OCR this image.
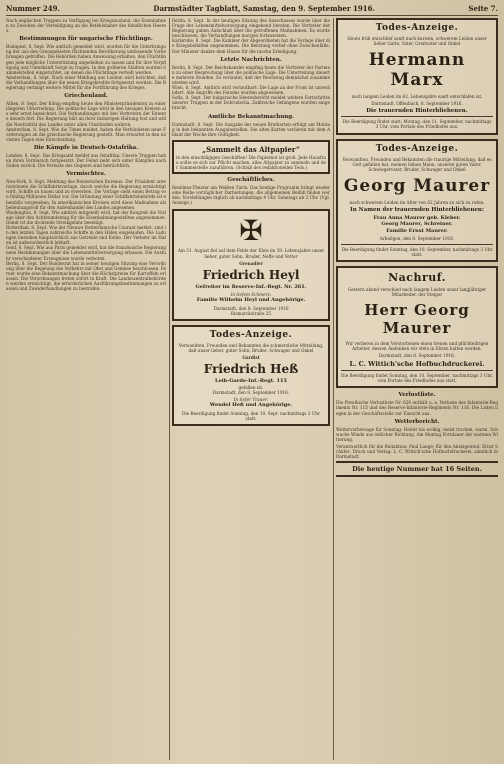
Nummer 249.	Darmstädter Tagblatt, Samstag, den 9. September 1916.	Seite 7.

Nach englischen Truppen zu Verfügung bei Kriegszustand, die Eisenbahnen zu Zwecken der Verteidigung an die Befehlshaber des feindlichen Heeres.

Bestimmungen für ungarische Flüchtlinge.

Budapest, 8. Sept. Wie amtlich gemeldet wird, wurden für die Unterbringung der aus den Grenzgebieten flüchtenden Bevölkerung umfassende Vorkehrungen getroffen. Die Behörden haben Anweisung erhalten, den Flüchtlingen jede mögliche Unterstützung angedeihen zu lassen und für ihre Verpflegung und Unterkunft Sorge zu tragen. In den größeren Städten wurden Sammelstellen eingerichtet, an denen die Flüchtlinge verteilt werden.

Amsterdam, 8. Sept. Nach einer Meldung aus London wird berichtet, daß die Verhandlungen über die neuen Kriegskredite fortgesetzt werden. Die Regierung verlangt weitere Mittel für die Fortführung des Krieges.

Griechenland.

Athen, 8. Sept. Der König empfing heute den Ministerpräsidenten zu einer längeren Unterredung. Die politische Lage wird in den hiesigen Kreisen als sehr ernst bezeichnet. Die Verhandlungen mit den Vertretern der Entente dauern fort. Die Regierung hält an ihrer bisherigen Haltung fest und will die Neutralität des Landes unter allen Umständen wahren.

Amsterdam, 8. Sept. Wie die Times meldet, haben die Verbündeten neue Forderungen an die griechische Regierung gestellt. Man erwartet in den nächsten Tagen eine Entscheidung.

Die Kämpfe in Deutsch-Ostafrika.

London, 8. Sept. Das Kriegsamt meldet aus Ostafrika: Unsere Truppen haben ihren Vormarsch fortgesetzt. Der Feind zieht sich unter Kämpfen nach Süden zurück. Die Verluste des Gegners sind beträchtlich.

Vermischtes.

New-York, 8. Sept. Meldung des Reuterschen Bureaus: Der Präsident unterzeichnete die Schiffahrtsvorlage, durch welche die Regierung ermächtigt wird, Schiffe zu bauen und zu erwerben. Die Vorlage sieht einen Betrag von fünfzig Millionen Dollar vor. Die Gründung einer Schiffahrtsbehörde ist ebenfalls vorgesehen. In amerikanischen Kreisen wird diese Maßnahme als bedeutungsvoll für den Außenhandel des Landes angesehen.

Washington, 8. Sept. Wie amtlich mitgeteilt wird, hat der Kongreß die Vorlage über den Achtstundentag für die Eisenbahnangestellten angenommen. Damit ist die drohende Streikgefahr beseitigt.

Rotterdam, 8. Sept. Wie der Nieuwe Rotterdamsche Courant meldet, sind in den letzten Tagen zahlreiche Schiffe in den Häfen eingelaufen. Die Ladungen bestehen hauptsächlich aus Getreide und Kohle. Der Verkehr im Hafen ist außerordentlich lebhaft.

Genf, 8. Sept. Wie aus Paris gemeldet wird, hat die französische Regierung neue Bestimmungen über die Lebensmittelversorgung erlassen. Die Ausfuhr verschiedener Erzeugnisse wurde verboten.

Berlin, 8. Sept. Der Bundesrat hat in seiner heutigen Sitzung eine Verordnung über die Regelung des Verkehrs mit Obst und Gemüse beschlossen. Ferner wurde eine Bekanntmachung über die Höchstpreise für Kartoffeln erlassen. Die Verordnungen treten sofort in Kraft. Die Landeszentralbehörden werden ermächtigt, die erforderlichen Ausführungsbestimmungen zu erlassen und Zuwiderhandlungen zu bestrafen.

Berlin, 8. Sept. In der heutigen Sitzung des Ausschusses wurde über die Frage der Lebensmittelversorgung eingehend beraten. Die Vertreter der Regierung gaben Aufschluß über die getroffenen Maßnahmen. Es wurde beschlossen, die Verhandlungen morgen fortzusetzen.

Karlsruhe, 8. Sept. Die Kammer der Abgeordneten hat die Vorlage über die Kriegsbeihilfen angenommen. Die Beratung verlief ohne Zwischenfälle. Der Minister dankte dem Hause für die rasche Erledigung.

Letzte Nachrichten.

Berlin, 8. Sept. Der Reichskanzler empfing heute die Vertreter der Parteien zu einer Besprechung über die politische Lage. Die Unterredung dauerte mehrere Stunden. Es verlautet, daß der Reichstag demnächst zusammentreten wird.

Wien, 8. Sept. Amtlich wird verlautbart: Die Lage an der Front ist unverändert. Alle Angriffe des Feindes wurden abgewiesen.

Sofia, 8. Sept. Der bulgarische Heeresbericht meldet weitere Fortschritte unserer Truppen in der Dobrudscha. Zahlreiche Gefangene wurden eingebracht.

Amtliche Bekanntmachung.

Darmstadt, 8. Sept. Die Ausgabe der neuen Brotkarten erfolgt am Montag in den bekannten Ausgabestellen. Die alten Karten verlieren mit dem Ablauf der Woche ihre Gültigkeit.

„Sammelt das Altpapier“

in den einschlägigen Geschäften! Die Papiernot ist groß. Jede Hausfrau sollte es sich zur Pflicht machen, alles Altpapier zu sammeln und der Sammelstelle zuzuführen. (Schluß des redaktionellen Teils.)

Geschäftliches.

Residenz-Theater am Weißen Turm. Das heutige Programm bringt wieder eine Reihe vorzüglicher Darbietungen, die allgemeinen Beifall finden werden. Vorstellungen täglich ab nachmittags 4 Uhr. Sonntags ab 3 Uhr. (Vgl. Anzeige.)

✠

Am 31. August fiel auf dem Felde der Ehre im 39. Lebensjahre unser lieber, guter Sohn, Bruder, Neffe und Vetter

Grenadier
Friedrich Heyl
Gefreiter im Reserve-Inf.-Regt. Nr. 261.
In tiefem Schmerz:
Familie Wilhelm Heyl und Angehörige.
Darmstadt, den 8. September 1916
Bismarckstraße 25
Todes-Anzeige.

Verwandten, Freunden und Bekannten die schmerzliche Mitteilung, daß unser lieber, guter Sohn, Bruder, Schwager und Onkel

Gardist
Friedrich Heß
Leib-Garde-Inf.-Regt. 115

gefallen ist.

Darmstadt, den 8. September 1916.
In tiefer Trauer:
Wendel Heß und Angehörige.

Die Beerdigung findet Sonntag, den 10. Sept. nachmittags 3 Uhr statt.

Todes-Anzeige.

Heute früh entschlief sanft nach kurzem, schwerem Leiden unser lieber Gatte, Vater, Großvater und Onkel

Hermann Marx

nach langem Leiden im 62. Lebensjahre sanft entschlafen ist.

Darmstadt, Offenbach, 8. September 1916.
Die trauernden Hinterbliebenen.

Die Beerdigung findet statt: Montag, den 11. September, nachmittags 3 Uhr, vom Portale des Friedhofes aus.

Todes-Anzeige.

Verwandten, Freunden und Bekannten die traurige Mitteilung, daß es Gott gefallen hat, meinen lieben Mann, unseren guten Vater, Schwiegervater, Bruder, Schwager und Onkel

Georg Maurer

nach schwerem Leiden im Alter von 62 Jahren zu sich zu rufen.

In Namen der trauernden Hinterbliebenen:
Frau Anna Maurer geb. Kleber.
Georg Maurer, Schreiner.
Familie Ernst Maurer.
Arheilgen, den 8. September 1916.

Die Beerdigung findet Sonntag, den 10. September, nachmittags 3 Uhr statt.

Nachruf.

Gestern abend verschied nach langem Leiden unser langjähriger Mitarbeiter, der Steiger

Herr Georg Maurer

Wir verlieren in dem Verstorbenen einen treuen und pflichteifrigen Arbeiter, dessen Andenken wir stets in Ehren halten werden.

Darmstadt, den 8. September 1916.
L. C. Wittich'sche Hofbuchdruckerei.

Die Beerdigung findet Sonntag, den 10. September, nachmittags 3 Uhr, vom Portale des Friedhofes aus statt.

Verlustliste.

Die Preußische Verlustliste Nr. 626 enthält u. a. Verluste des Infanterie-Regiments Nr. 115 und des Reserve-Infanterie-Regiments Nr. 116. Die Listen liegen in der Geschäftsstelle zur Einsicht aus.

Wetterbericht.

Wettervorhersage für Sonntag: Heiter bis wolkig, meist trocken, warm. Schwache Winde aus östlicher Richtung. Am Montag Fortdauer der warmen Witterung.

Verantwortlich für die Redaktion: Paul Lange; für den Anzeigenteil: Ernst Schäfer; Druck und Verlag: L. C. Wittich'sche Hofbuchdruckerei, sämtlich in Darmstadt.

Die heutige Nummer hat 16 Seiten.
